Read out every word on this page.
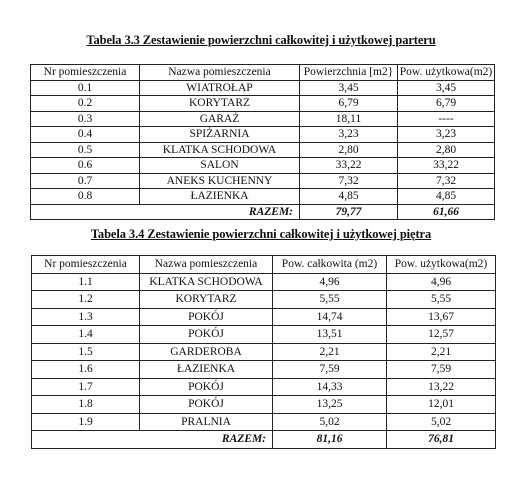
Tabela 3.3 Zestawienie powierzchni całkowitej i użytkowej parteru
Nr pomieszczenia	Nazwa pomieszczenia	Powierzchnia [m2}	Pow. użytkowa(m2)
0.1	WIATROŁAP	3,45	3,45
0.2	KORYTARZ	6,79	6,79
0.3	GARAŻ	18,11	----
0.4	SPIŻARNIA	3,23	3,23
0.5	KLATKA SCHODOWA	2,80	2,80
0.6	SALON	33,22	33,22
0.7	ANEKS KUCHENNY	7,32	7,32
0.8	ŁAZIENKA	4,85	4,85
	RAZEM:	79,77	61,66
Tabela 3.4 Zestawienie powierzchni całkowitej i użytkowej piętra
Nr pomieszczenia	Nazwa pomieszczenia	Pow. całkowita (m2)	Pow. użytkowa(m2)
1.1	KLATKA SCHODOWA	4,96	4,96
1.2	KORYTARZ	5,55	5,55
1.3	POKÓJ	14,74	13,67
1.4	POKÓJ	13,51	12,57
1.5	GARDEROBA	2,21	2,21
1.6	ŁAZIENKA	7,59	7,59
1.7	POKÓJ	14,33	13,22
1.8	POKÓJ	13,25	12,01
1.9	PRALNIA	5,02	5,02
	RAZEM:	81,16	76,81
